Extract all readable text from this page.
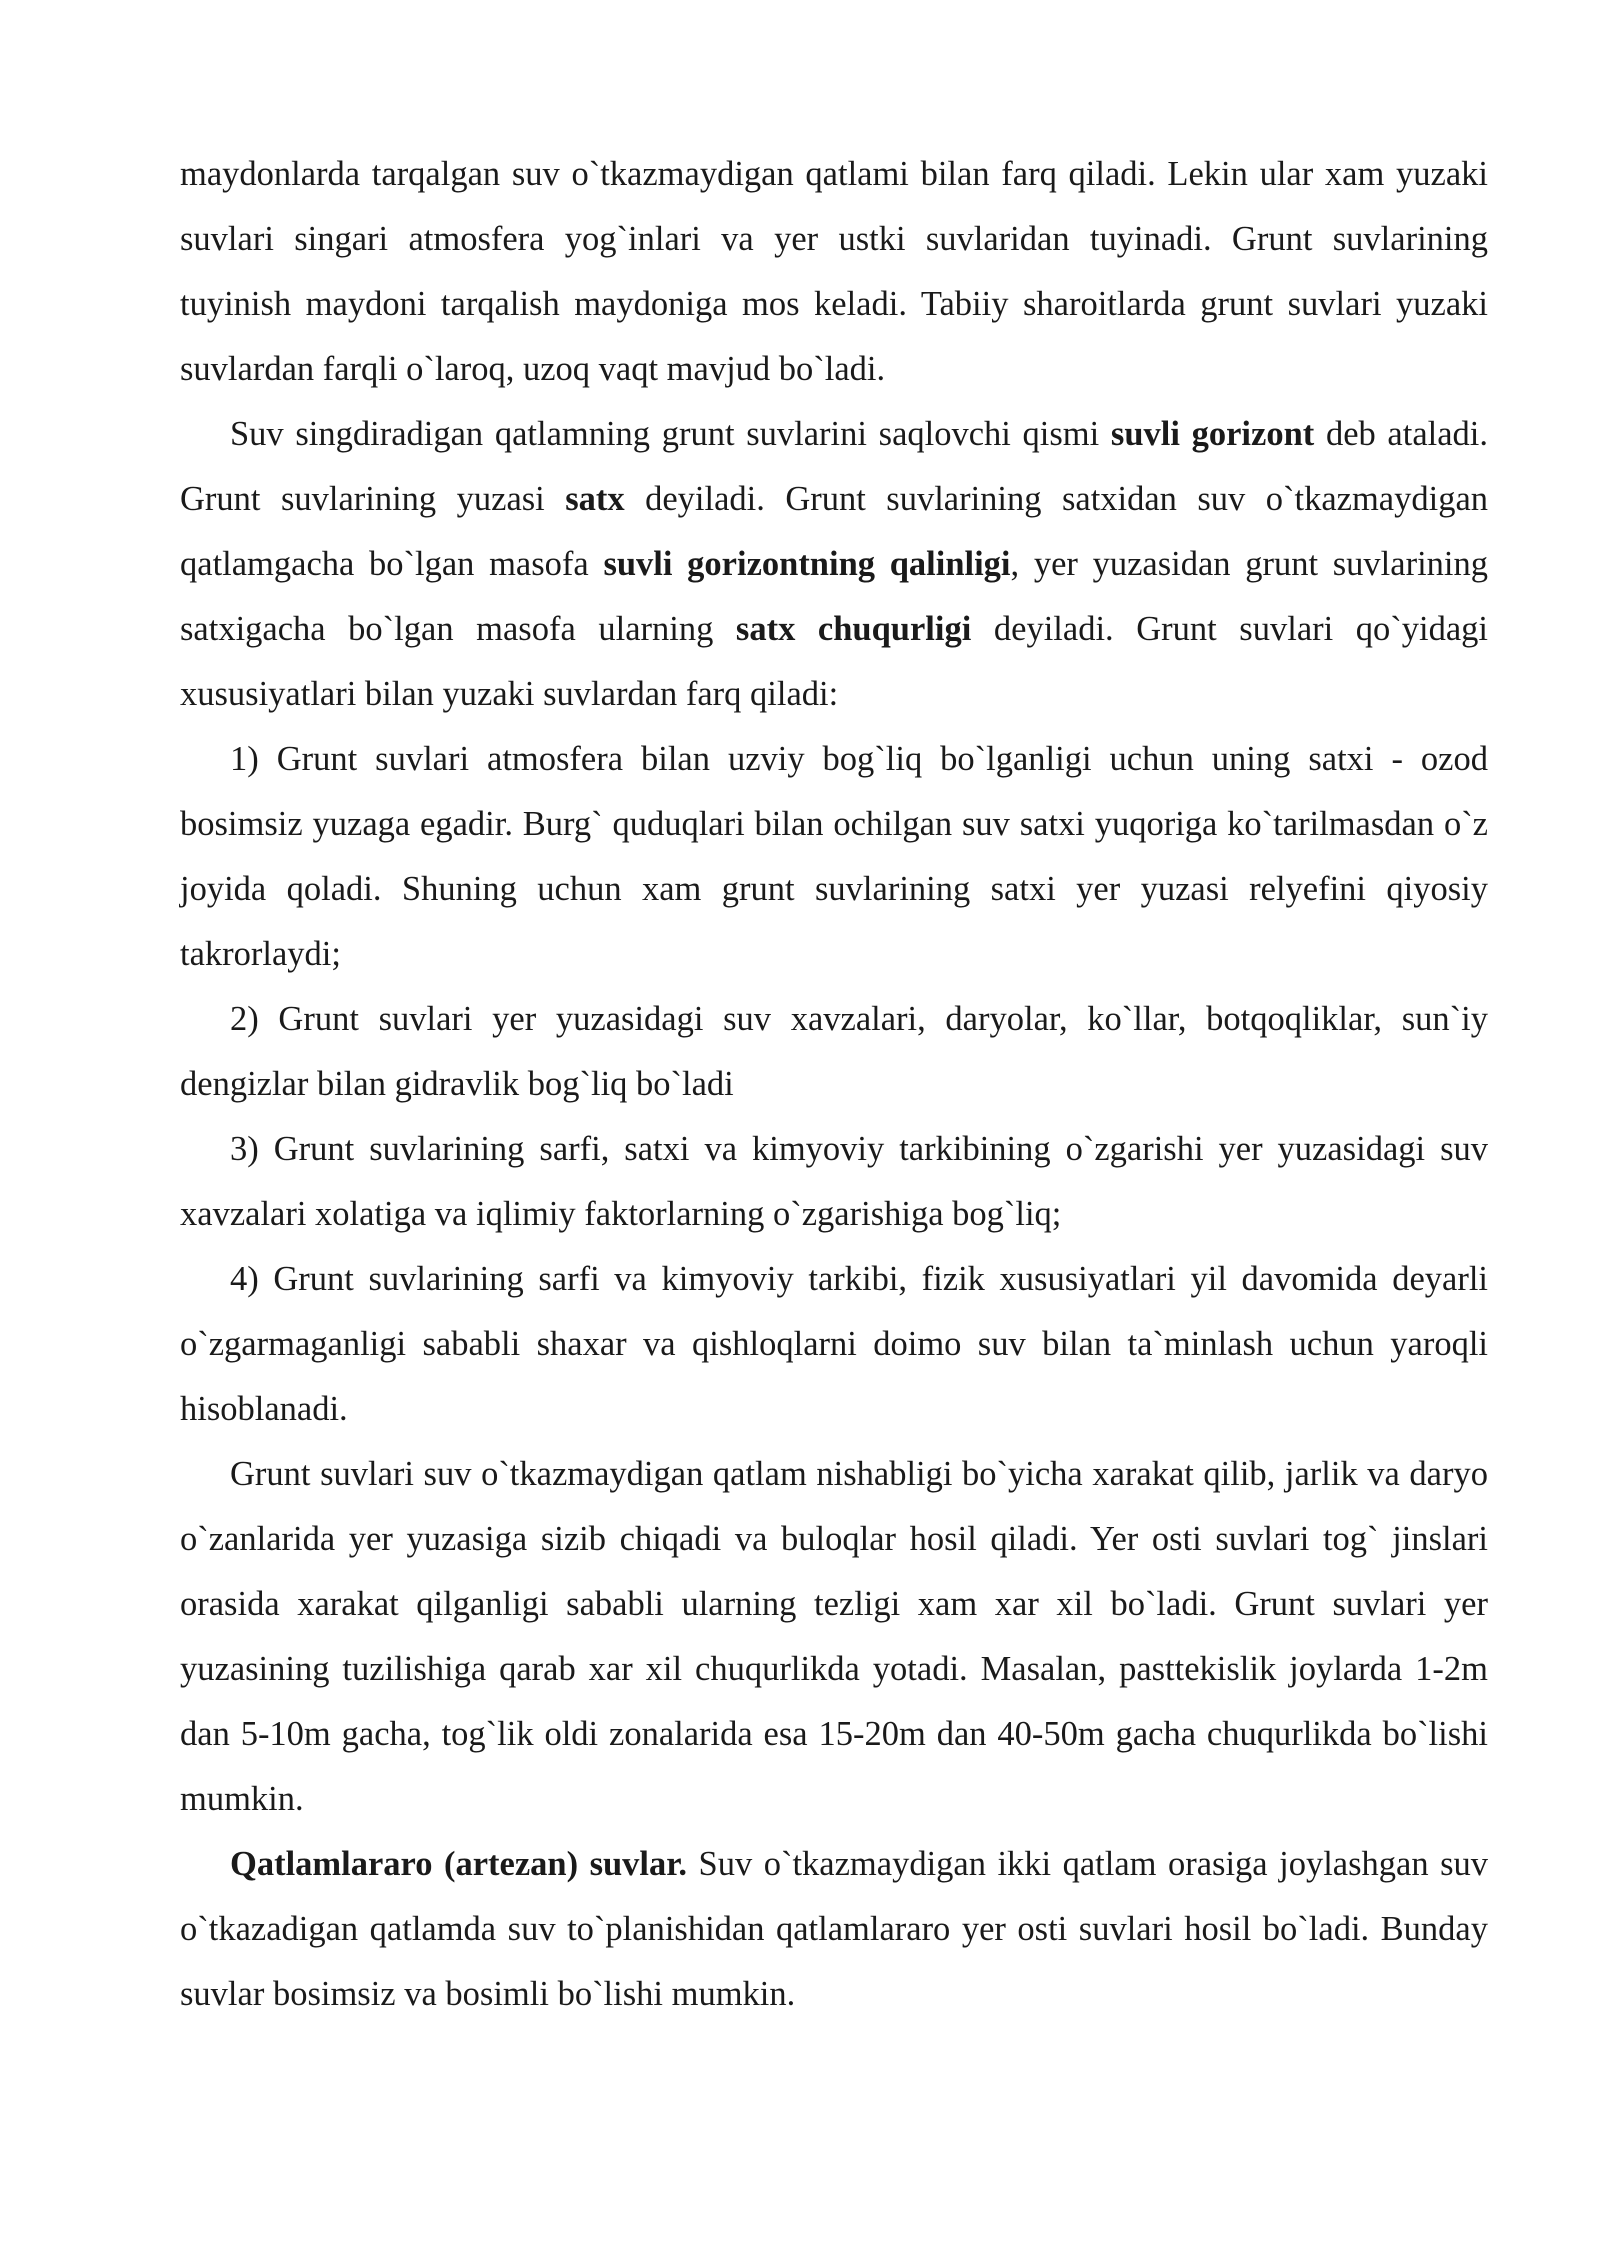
maydonlarda tarqalgan suv o`tkazmaydigan qatlami bilan farq qiladi. Lekin ular xam yuzaki suvlari singari atmosfera yog`inlari va yer ustki suvlaridan tuyinadi. Grunt suvlarining tuyinish maydoni tarqalish maydoniga mos keladi. Tabiiy sharoitlarda grunt suvlari yuzaki suvlardan farqli o`laroq, uzoq vaqt mavjud bo`ladi.

Suv singdiradigan qatlamning grunt suvlarini saqlovchi qismi suvli gorizont deb ataladi. Grunt suvlarining yuzasi satx deyiladi. Grunt suvlarining satxidan suv o`tkazmaydigan qatlamgacha bo`lgan masofa suvli gorizontning qalinligi, yer yuzasidan grunt suvlarining satxigacha bo`lgan masofa ularning satx chuqurligi deyiladi. Grunt suvlari qo`yidagi xususiyatlari bilan yuzaki suvlardan farq qiladi:

1) Grunt suvlari atmosfera bilan uzviy bog`liq bo`lganligi uchun uning satxi - ozod bosimsiz yuzaga egadir. Burg` quduqlari bilan ochilgan suv satxi yuqoriga ko`tarilmasdan o`z joyida qoladi. Shuning uchun xam grunt suvlarining satxi yer yuzasi relyefini qiyosiy takrorlaydi;

2) Grunt suvlari yer yuzasidagi suv xavzalari, daryolar, ko`llar, botqoqliklar, sun`iy dengizlar bilan gidravlik bog`liq bo`ladi

3) Grunt suvlarining sarfi, satxi va kimyoviy tarkibining o`zgarishi yer yuzasidagi suv xavzalari xolatiga va iqlimiy faktorlarning o`zgarishiga bog`liq;

4) Grunt suvlarining sarfi va kimyoviy tarkibi, fizik xususiyatlari yil davomida deyarli o`zgarmaganligi sababli shaxar va qishloqlarni doimo suv bilan ta`minlash uchun yaroqli hisoblanadi.

Grunt suvlari suv o`tkazmaydigan qatlam nishabligi bo`yicha xarakat qilib, jarlik va daryo o`zanlarida yer yuzasiga sizib chiqadi va buloqlar hosil qiladi. Yer osti suvlari tog` jinslari orasida xarakat qilganligi sababli ularning tezligi xam xar xil bo`ladi. Grunt suvlari yer yuzasining tuzilishiga qarab xar xil chuqurlikda yotadi. Masalan, pasttekislik joylarda 1-2m dan 5-10m gacha, tog`lik oldi zonalarida esa 15-20m dan 40-50m gacha chuqurlikda bo`lishi mumkin.

Qatlamlararo (artezan) suvlar. Suv o`tkazmaydigan ikki qatlam orasiga joylashgan suv o`tkazadigan qatlamda suv to`planishidan qatlamlararo yer osti suvlari hosil bo`ladi. Bunday suvlar bosimsiz va bosimli bo`lishi mumkin.
